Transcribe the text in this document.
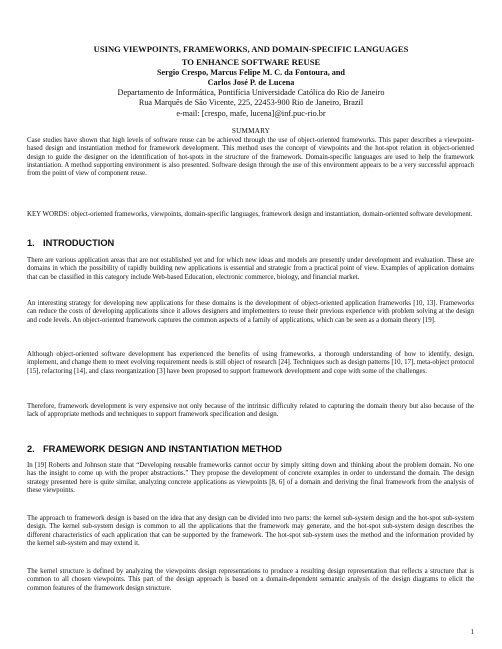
USING VIEWPOINTS, FRAMEWORKS, AND DOMAIN-SPECIFIC LANGUAGES
TO ENHANCE SOFTWARE REUSE
Sergio Crespo, Marcus Felipe M. C. da Fontoura, and
Carlos José P. de Lucena
Departamento de Informática, Pontifícia Universidade Católica do Rio de Janeiro
Rua Marquês de São Vicente, 225, 22453-900 Rio de Janeiro, Brazil
e-mail: [crespo, mafe, lucena]@inf.puc-rio.br
SUMMARY

Case studies have shown that high levels of software reuse can be achieved through the use of object-oriented frameworks. This paper describes a viewpoint-based design and instantiation method for framework development. This method uses the concept of viewpoints and the hot-spot relation in object-oriented design to guide the designer on the identification of hot-spots in the structure of the framework. Domain-specific languages are used to help the framework instantiation. A method supporting environment is also presented. Software design through the use of this environment appears to be a very successful approach from the point of view of component reuse.

KEY WORDS: object-oriented frameworks, viewpoints, domain-specific languages, framework design and instantiation, domain-oriented software development.

1. INTRODUCTION

There are various application areas that are not established yet and for which new ideas and models are presently under development and evaluation. These are domains in which the possibility of rapidly building new applications is essential and strategic from a practical point of view. Examples of application domains that can be classified in this category include Web-based Education, electronic commerce, biology, and financial market.

An interesting strategy for developing new applications for these domains is the development of object-oriented application frameworks [10, 13]. Frameworks can reduce the costs of developing applications since it allows designers and implementers to reuse their previous experience with problem solving at the design and code levels. An object-oriented framework captures the common aspects of a family of applications, which can be seen as a domain theory [19].

Although object-oriented software development has experienced the benefits of using frameworks, a thorough understanding of how to identify, design, implement, and change them to meet evolving requirement needs is still object of research [24]. Techniques such as design patterns [10, 17], meta-object protocol [15], refactoring [14], and class reorganization [3] have been proposed to support framework development and cope with some of the challenges.

Therefore, framework development is very expensive not only because of the intrinsic difficulty related to capturing the domain theory but also because of the lack of appropriate methods and techniques to support framework specification and design.

2. FRAMEWORK DESIGN AND INSTANTIATION METHOD

In [19] Roberts and Johnson state that “Developing reusable frameworks cannot occur by simply sitting down and thinking about the problem domain. No one has the insight to come up with the proper abstractions.” They propose the development of concrete examples in order to understand the domain. The design strategy presented here is quite similar, analyzing concrete applications as viewpoints [8, 6] of a domain and deriving the final framework from the analysis of these viewpoints.

The approach to framework design is based on the idea that any design can be divided into two parts: the kernel sub-system design and the hot-spot sub-system design. The kernel sub-system design is common to all the applications that the framework may generate, and the hot-spot sub-system design describes the different characteristics of each application that can be supported by the framework. The hot-spot sub-system uses the method and the information provided by the kernel sub-system and may extend it.

The kernel structure is defined by analyzing the viewpoints design representations to produce a resulting design representation that reflects a structure that is common to all chosen viewpoints. This part of the design approach is based on a domain-dependent semantic analysis of the design diagrams to elicit the common features of the framework design structure.

1
